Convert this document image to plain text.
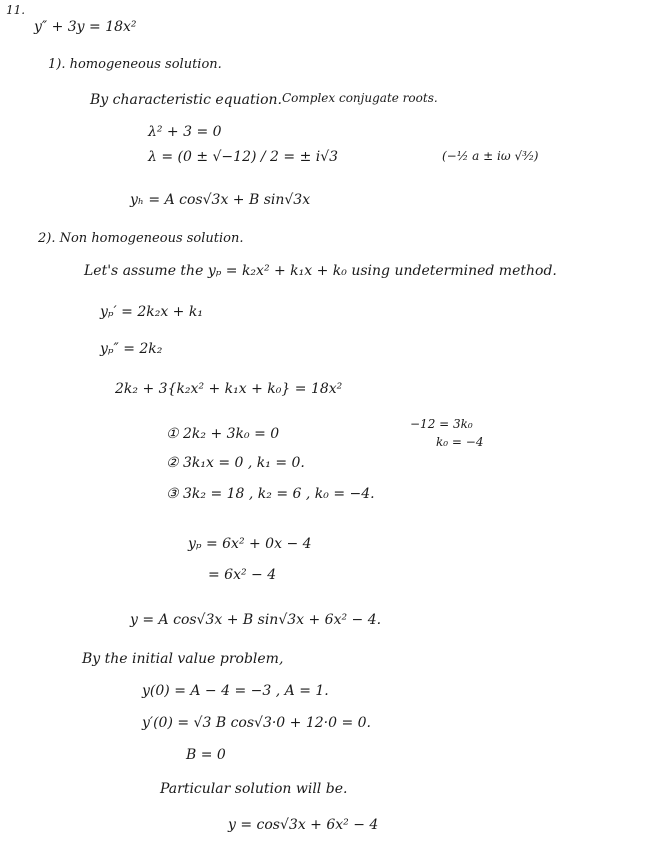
11.
y″ + 3y = 18x²
1). homogeneous solution.
By characteristic equation. Complex conjugate roots.
λ² + 3 = 0
λ = (0 ± √−12) / 2 = ± i√3	(−½ a ± iω √³⁄₂)
yₕ = A cos√3x + B sin√3x
2). Non homogeneous solution.
Let's assume the yₚ = k₂x² + k₁x + k₀ using undetermined method.
yₚ′ = 2k₂x + k₁
yₚ″ = 2k₂
2k₂ + 3{k₂x² + k₁x + k₀} = 18x²
① 2k₂ + 3k₀ = 0
② 3k₁x = 0 , k₁ = 0.
③ 3k₂ = 18 , k₂ = 6 , k₀ = −4.
−12 = 3k₀
k₀ = −4
yₚ = 6x² + 0x − 4
= 6x² − 4
y = A cos√3x + B sin√3x + 6x² − 4.
By the initial value problem,
y(0) = A − 4 = −3 , A = 1.
y′(0) = √3 B cos√3·0 + 12·0 = 0.
B = 0
Particular solution will be.
y = cos√3x + 6x² − 4
